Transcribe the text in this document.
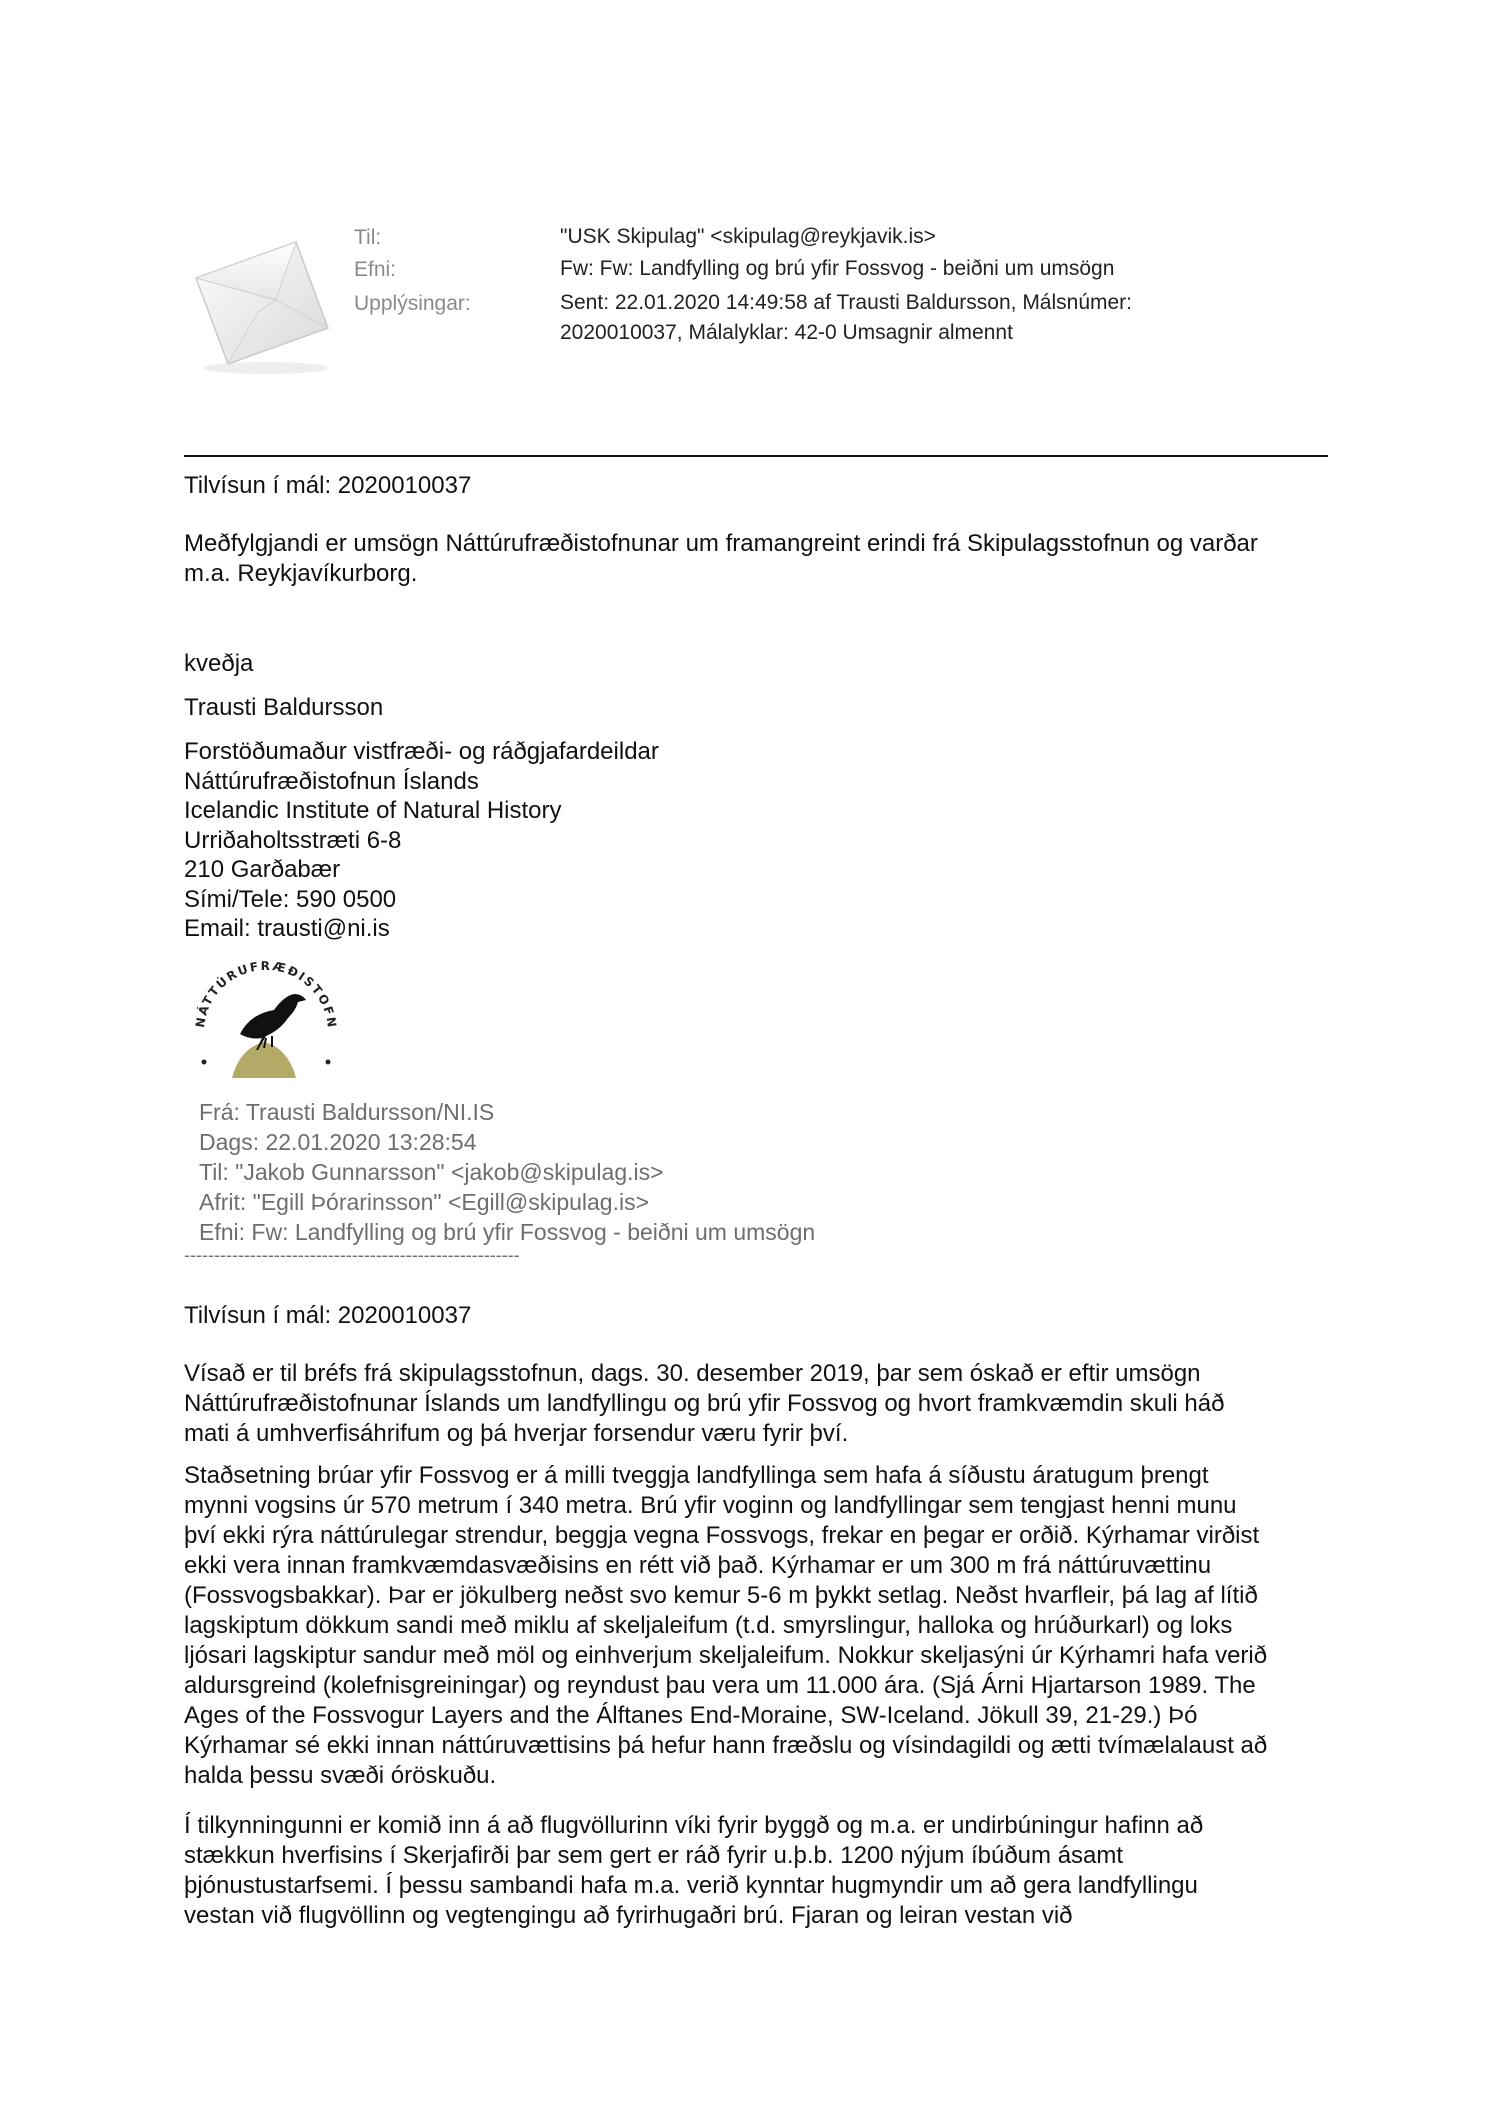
Til:	"USK Skipulag" <skipulag@reykjavik.is>
Efni:	Fw: Fw: Landfylling og brú yfir Fossvog - beiðni um umsögn
Upplýsingar:	Sent: 22.01.2020 14:49:58 af Trausti Baldursson, Málsnúmer:
2020010037, Málalyklar: 42-0 Umsagnir almennt
Tilvísun í mál: 2020010037
Meðfylgjandi er umsögn Náttúrufræðistofnunar um framangreint erindi frá Skipulagsstofnun og varðar
m.a. Reykjavíkurborg.
kveðja
Trausti Baldursson
Forstöðumaður vistfræði- og ráðgjafardeildar
Náttúrufræðistofnun Íslands
Icelandic Institute of Natural History
Urriðaholtsstræti 6-8
210 Garðabær
Sími/Tele: 590 0500
Email: trausti@ni.is
NÁTTÚRUFRÆÐISTOFN
Frá: Trausti Baldursson/NI.IS
Dags: 22.01.2020 13:28:54
Til: "Jakob Gunnarsson" <jakob@skipulag.is>
Afrit: "Egill Þórarinsson" <Egill@skipulag.is>
Efni: Fw: Landfylling og brú yfir Fossvog - beiðni um umsögn
--------------------------------------------------------
Tilvísun í mál: 2020010037
Vísað er til bréfs frá skipulagsstofnun, dags. 30. desember 2019, þar sem óskað er eftir umsögn
Náttúrufræðistofnunar Íslands um landfyllingu og brú yfir Fossvog og hvort framkvæmdin skuli háð
mati á umhverfisáhrifum og þá hverjar forsendur væru fyrir því.
Staðsetning brúar yfir Fossvog er á milli tveggja landfyllinga sem hafa á síðustu áratugum þrengt
mynni vogsins úr 570 metrum í 340 metra. Brú yfir voginn og landfyllingar sem tengjast henni munu
því ekki rýra náttúrulegar strendur, beggja vegna Fossvogs, frekar en þegar er orðið. Kýrhamar virðist
ekki vera innan framkvæmdasvæðisins en rétt við það. Kýrhamar er um 300 m frá náttúruvættinu
(Fossvogsbakkar). Þar er jökulberg neðst svo kemur 5-6 m þykkt setlag. Neðst hvarfleir, þá lag af lítið
lagskiptum dökkum sandi með miklu af skeljaleifum (t.d. smyrslingur, halloka og hrúðurkarl) og loks
ljósari lagskiptur sandur með möl og einhverjum skeljaleifum. Nokkur skeljasýni úr Kýrhamri hafa verið
aldursgreind (kolefnisgreiningar) og reyndust þau vera um 11.000 ára. (Sjá Árni Hjartarson 1989. The
Ages of the Fossvogur Layers and the Álftanes End-Moraine, SW-Iceland. Jökull 39, 21-29.) Þó
Kýrhamar sé ekki innan náttúruvættisins þá hefur hann fræðslu og vísindagildi og ætti tvímælalaust að
halda þessu svæði óröskuðu.
Í tilkynningunni er komið inn á að flugvöllurinn víki fyrir byggð og m.a. er undirbúningur hafinn að
stækkun hverfisins í Skerjafirði þar sem gert er ráð fyrir u.þ.b. 1200 nýjum íbúðum ásamt
þjónustustarfsemi. Í þessu sambandi hafa m.a. verið kynntar hugmyndir um að gera landfyllingu
vestan við flugvöllinn og vegtengingu að fyrirhugaðri brú. Fjaran og leiran vestan við
